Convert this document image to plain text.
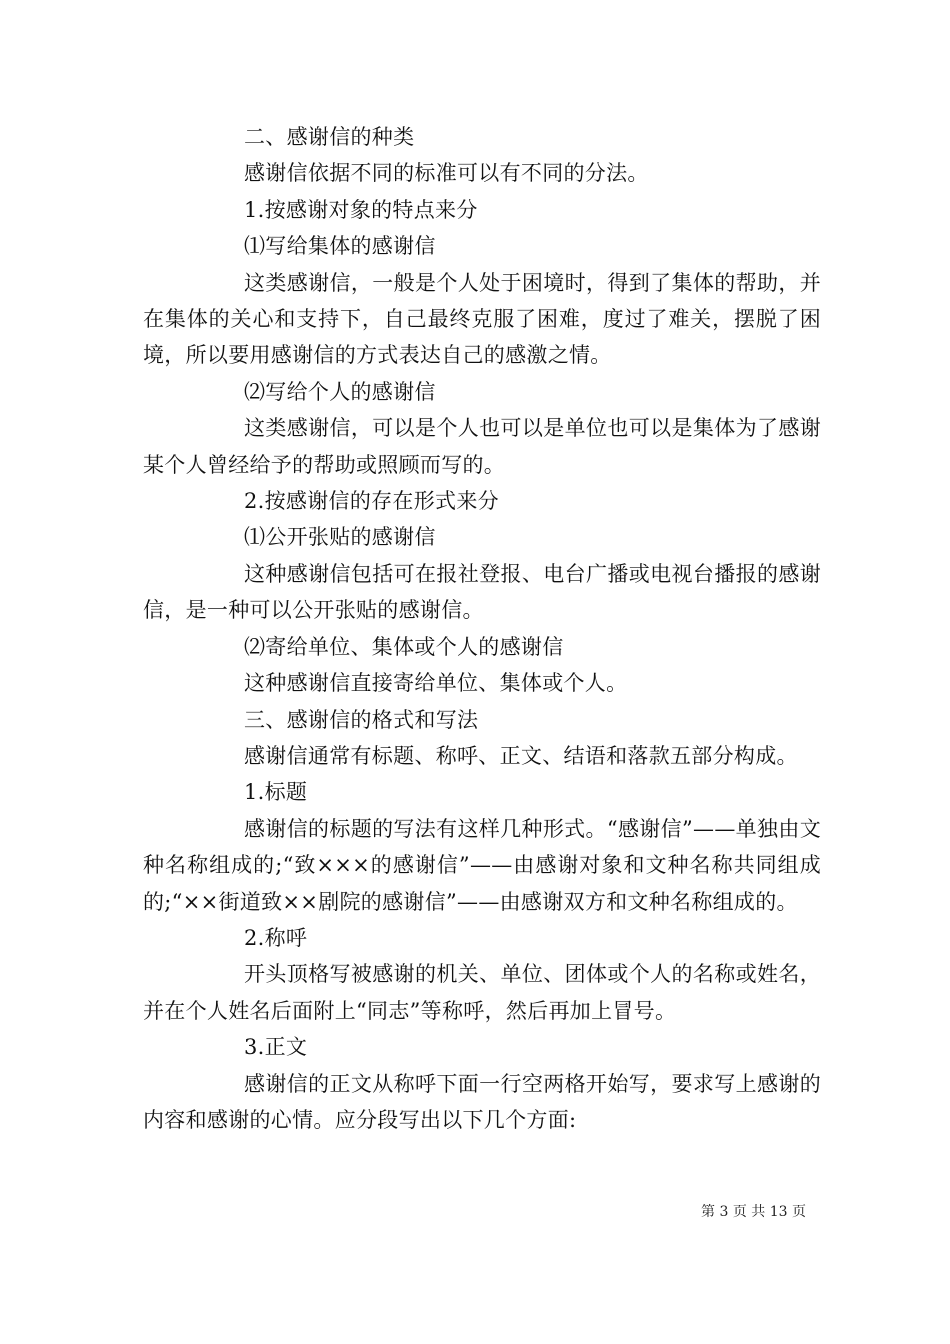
二、感谢信的种类

感谢信依据不同的标准可以有不同的分法。

1.按感谢对象的特点来分

⑴写给集体的感谢信

这类感谢信，一般是个人处于困境时，得到了集体的帮助，并在集体的关心和支持下，自己最终克服了困难，度过了难关，摆脱了困境，所以要用感谢信的方式表达自己的感激之情。

⑵写给个人的感谢信

这类感谢信，可以是个人也可以是单位也可以是集体为了感谢某个人曾经给予的帮助或照顾而写的。

2.按感谢信的存在形式来分

⑴公开张贴的感谢信

这种感谢信包括可在报社登报、电台广播或电视台播报的感谢信，是一种可以公开张贴的感谢信。

⑵寄给单位、集体或个人的感谢信

这种感谢信直接寄给单位、集体或个人。

三、感谢信的格式和写法

感谢信通常有标题、称呼、正文、结语和落款五部分构成。

1.标题

感谢信的标题的写法有这样几种形式。“感谢信”——单独由文种名称组成的;“致×××的感谢信”——由感谢对象和文种名称共同组成的;“××街道致××剧院的感谢信”——由感谢双方和文种名称组成的。

2.称呼

开头顶格写被感谢的机关、单位、团体或个人的名称或姓名，并在个人姓名后面附上“同志”等称呼，然后再加上冒号。

3.正文

感谢信的正文从称呼下面一行空两格开始写，要求写上感谢的内容和感谢的心情。应分段写出以下几个方面:

第 3 页 共 13 页
